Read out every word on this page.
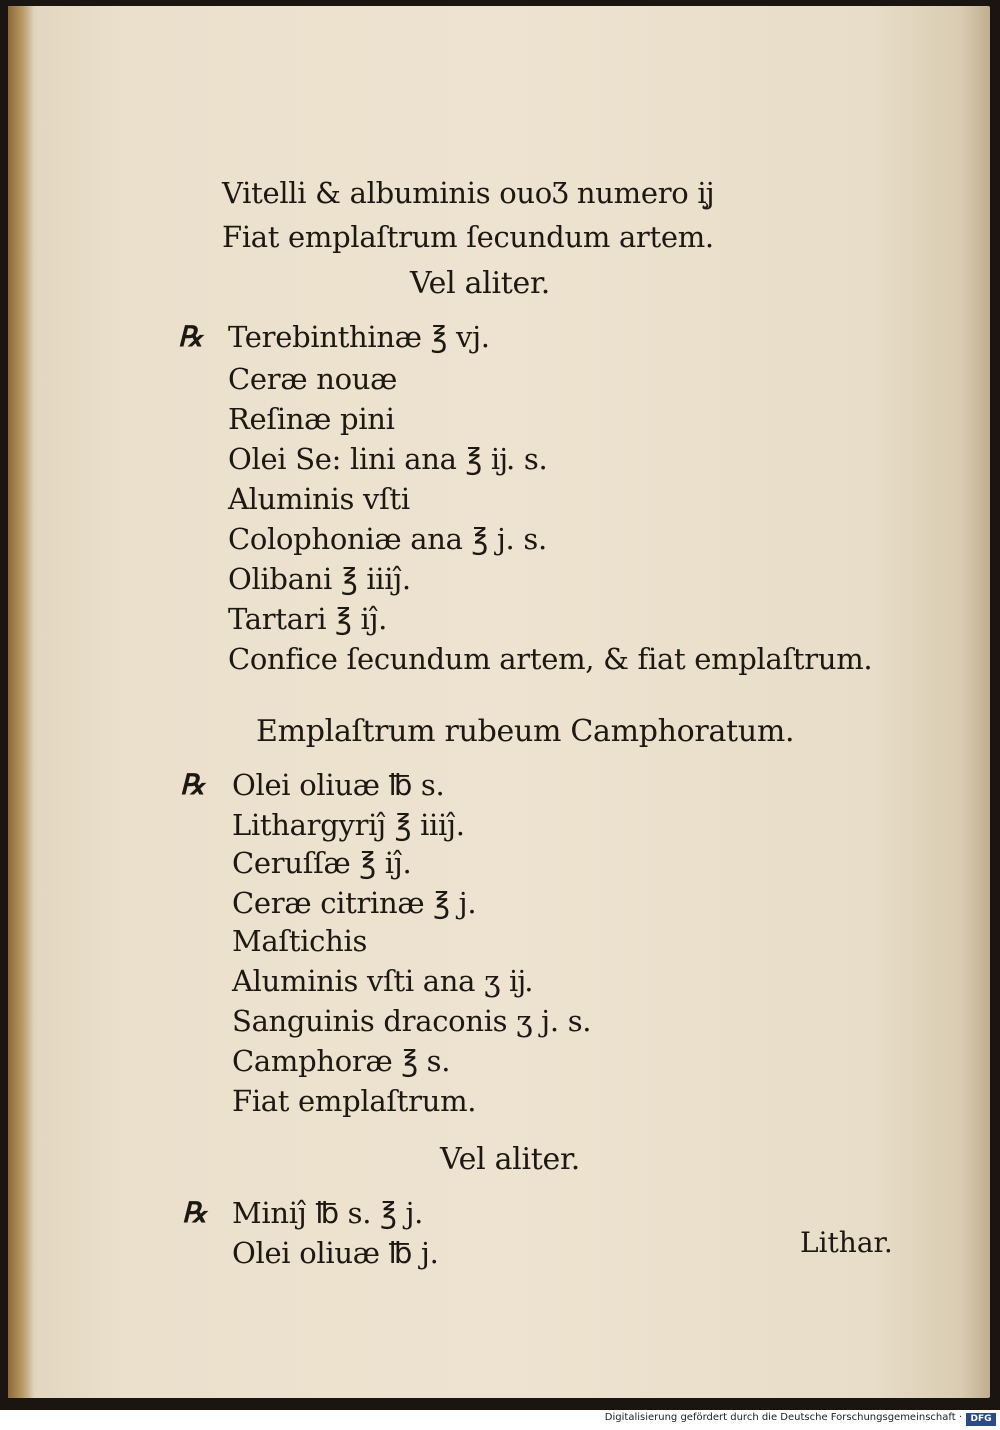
Vitelli & albuminis ouoƷ numero ĳ̧
Fiat emplaſtrum ſecundum artem.
Vel aliter.
℞ Terebinthinæ ℥ vj.
Ceræ nouæ
Reſinæ pini
Olei Se: lini ana ℥ ĳ. s.
Aluminis vſti
Colophoniæ ana ℥ j. s.
Olibani ℥ iiiĵ.
Tartari ℥ iĵ.
Confice ſecundum artem, & fiat emplaſtrum.
Emplaſtrum rubeum Camphoratum.
℞ Olei oliuæ ℔ s.
Lithargyriĵ ℥ iiiĵ.
Ceruſſæ ℥ iĵ.
Ceræ citrinæ ℥ j.
Maſtichis
Aluminis vſti ana ʒ ĳ.
Sanguinis draconis ʒ j. s.
Camphoræ ℥ s.
Fiat emplaſtrum.
Vel aliter.
℞ Miniĵ ℔ s. ℥ j.
Olei oliuæ ℔ j.	Lithar.
Digitalisierung gefördert durch die Deutsche Forschungsgemeinschaft · DFG
